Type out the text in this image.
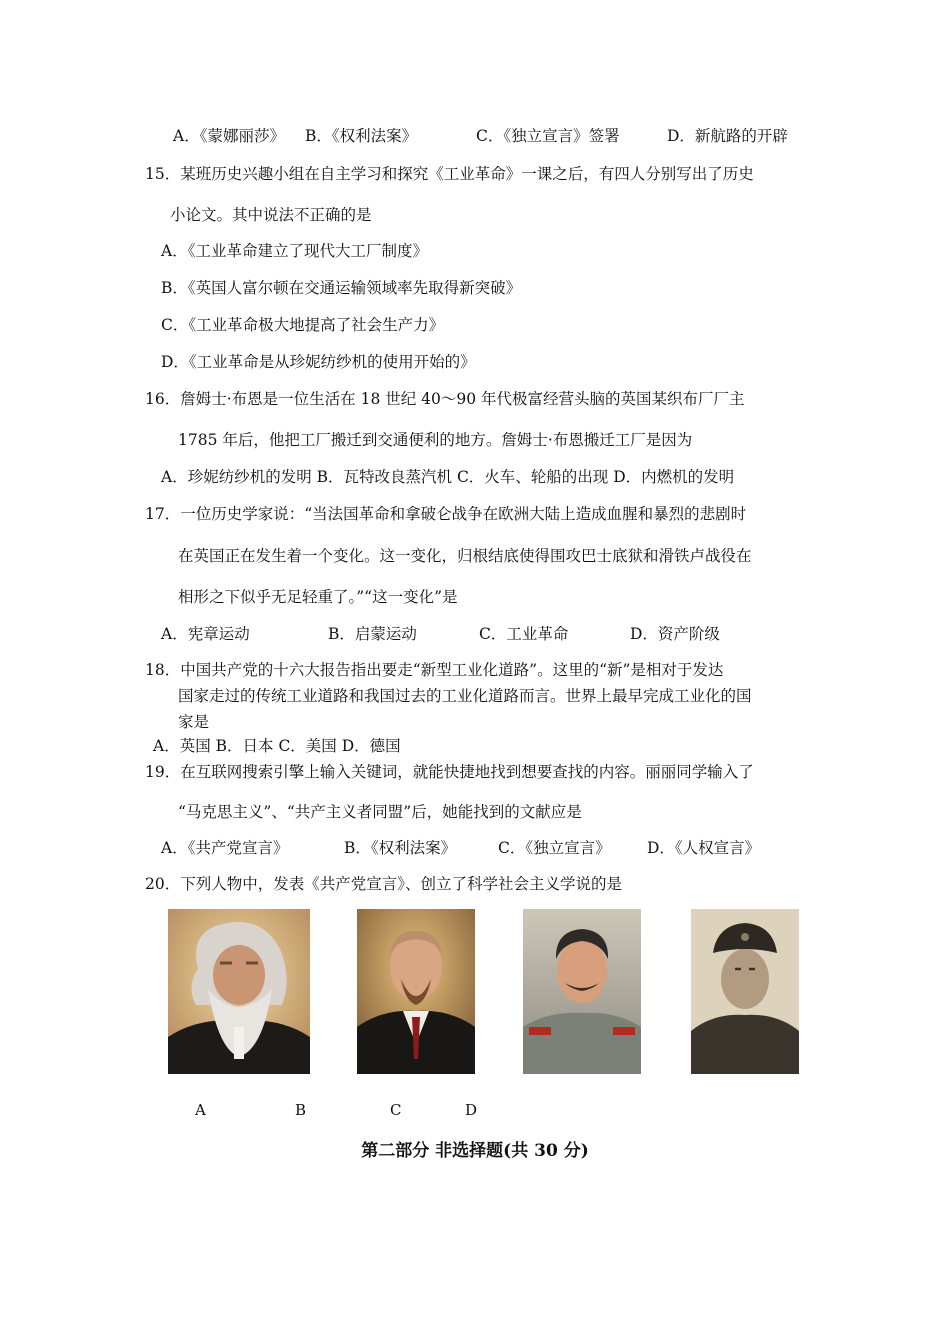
A．《蒙娜丽莎》 B．《权利法案》	C．《独立宣言》签署	D．新航路的开辟
15．某班历史兴趣小组在自主学习和探究《工业革命》一课之后，有四人分别写出了历史
小论文。其中说法不正确的是
A．《工业革命建立了现代大工厂制度》
B．《英国人富尔顿在交通运输领域率先取得新突破》
C．《工业革命极大地提高了社会生产力》
D．《工业革命是从珍妮纺纱机的使用开始的》
16．詹姆士·布恩是一位生活在 18 世纪 40～90 年代极富经营头脑的英国某织布厂厂主
1785 年后，他把工厂搬迁到交通便利的地方。詹姆士·布恩搬迁工厂是因为
A．珍妮纺纱机的发明 B．瓦特改良蒸汽机 C．火车、轮船的出现 D．内燃机的发明
17．一位历史学家说：“当法国革命和拿破仑战争在欧洲大陆上造成血腥和暴烈的悲剧时
在英国正在发生着一个变化。这一变化，归根结底使得围攻巴士底狱和滑铁卢战役在
相形之下似乎无足轻重了。”“这一变化”是
A．宪章运动	B．启蒙运动	C．工业革命	D．资产阶级
18．中国共产党的十六大报告指出要走“新型工业化道路”。这里的“新”是相对于发达
国家走过的传统工业道路和我国过去的工业化道路而言。世界上最早完成工业化的国
家是
A．英国 B．日本 C．美国 D．德国
19．在互联网搜索引擎上输入关键词，就能快捷地找到想要查找的内容。丽丽同学输入了
“马克思主义”、“共产主义者同盟”后，她能找到的文献应是
A．《共产党宣言》	B．《权利法案》	C．《独立宣言》 D．《人权宣言》
20．下列人物中，发表《共产党宣言》、创立了科学社会主义学说的是
A	B	C	D
第二部分 非选择题(共 30 分)
